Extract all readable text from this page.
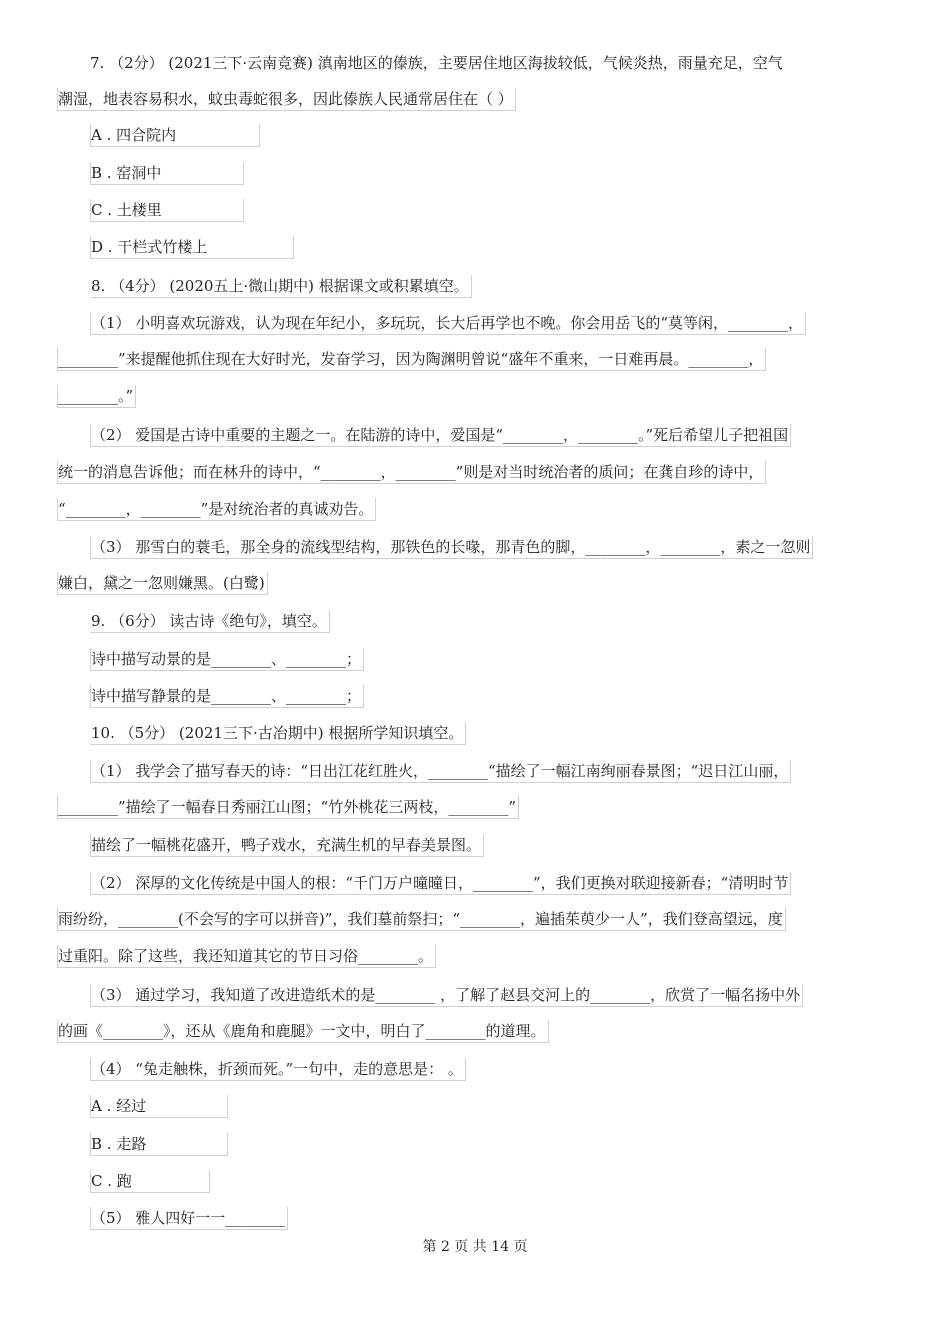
7. （2分） (2021三下·云南竞赛) 滇南地区的傣族，主要居住地区海拔较低，气候炎热，雨量充足，空气
潮湿，地表容易积水，蚊虫毒蛇很多，因此傣族人民通常居住在（ ）
A . 四合院内
B . 窑洞中
C . 土楼里
D . 干栏式竹楼上
8. （4分） (2020五上·微山期中) 根据课文或积累填空。
（1） 小明喜欢玩游戏，认为现在年纪小，多玩玩，长大后再学也不晚。你会用岳飞的“莫等闲，________，
________”来提醒他抓住现在大好时光，发奋学习，因为陶渊明曾说“盛年不重来，一日难再晨。________，
________。”
（2） 爱国是古诗中重要的主题之一。在陆游的诗中，爱国是“________，________。”死后希望儿子把祖国
统一的消息告诉他；而在林升的诗中，“________，________”则是对当时统治者的质问；在龚自珍的诗中，
“________，________”是对统治者的真诚劝告。
（3） 那雪白的蓑毛，那全身的流线型结构，那铁色的长喙，那青色的脚，________，________，素之一忽则
嫌白，黛之一忽则嫌黑。(白鹭)
9. （6分） 读古诗《绝句》，填空。
诗中描写动景的是________、________；
诗中描写静景的是________、________；
10. （5分） (2021三下·古冶期中) 根据所学知识填空。
（1） 我学会了描写春天的诗：“日出江花红胜火，________“描绘了一幅江南绚丽春景图；“迟日江山丽，
________”描绘了一幅春日秀丽江山图；“竹外桃花三两枝，________”
描绘了一幅桃花盛开，鸭子戏水，充满生机的早春美景图。
（2） 深厚的文化传统是中国人的根：“千门万户曈曈日，________”，我们更换对联迎接新春；“清明时节
雨纷纷，________(不会写的字可以拼音)”，我们墓前祭扫；“________，遍插茱萸少一人”，我们登高望远，度
过重阳。除了这些，我还知道其它的节日习俗________。
（3） 通过学习，我知道了改进造纸术的是________ ，了解了赵县交河上的________，欣赏了一幅名扬中外
的画《________》，还从《鹿角和鹿腿》一文中，明白了________的道理。
（4） “兔走触株，折颈而死。”一句中，走的意思是： 。
A . 经过
B . 走路
C . 跑
（5） 雅人四好一一________
第 2 页 共 14 页
